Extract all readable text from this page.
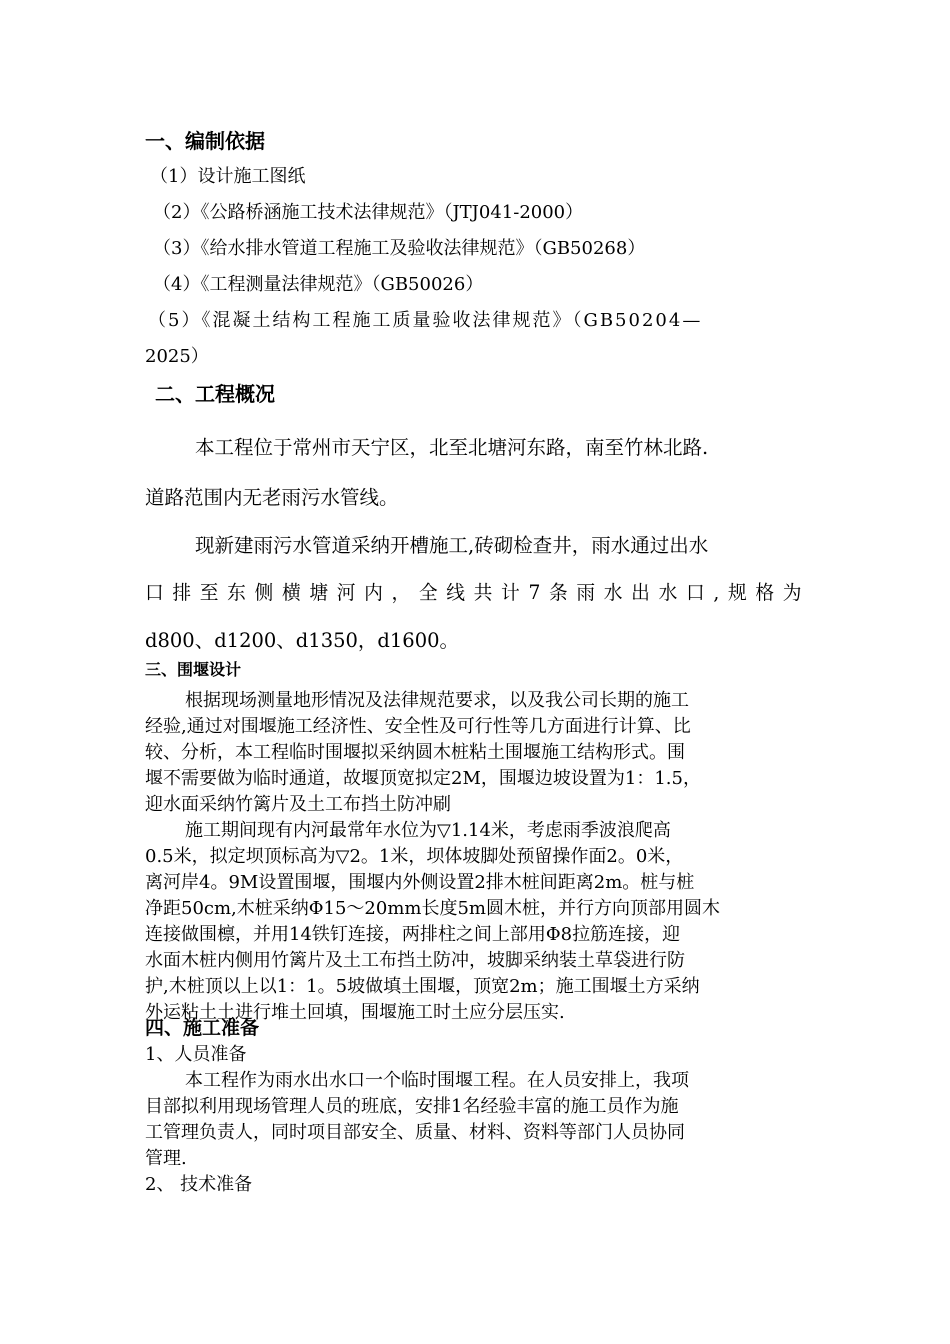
一、编制依据
（1）设计施工图纸
（2）《公路桥涵施工技术法律规范》（JTJ041-2000）
（3）《给水排水管道工程施工及验收法律规范》（GB50268）
（4）《工程测量法律规范》（GB50026）
（5）《混凝土结构工程施工质量验收法律规范》（GB50204—
2025）
二、工程概况
本工程位于常州市天宁区，北至北塘河东路，南至竹林北路.
道路范围内无老雨污水管线。
现新建雨污水管道采纳开槽施工,砖砌检查井，雨水通过出水
口排至东侧横塘河内，全线共计7条雨水出水口,规格为
d800、d1200、d1350，d1600。
三、围堰设计
根据现场测量地形情况及法律规范要求，以及我公司长期的施工
经验,通过对围堰施工经济性、安全性及可行性等几方面进行计算、比
较、分析，本工程临时围堰拟采纳圆木桩粘土围堰施工结构形式。围
堰不需要做为临时通道，故堰顶宽拟定2M，围堰边坡设置为1：1.5，
迎水面采纳竹篱片及土工布挡土防冲刷
施工期间现有内河最常年水位为▽1.14米，考虑雨季波浪爬高
0.5米，拟定坝顶标高为▽2。1米，坝体坡脚处预留操作面2。0米，
离河岸4。9M设置围堰，围堰内外侧设置2排木桩间距离2m。桩与桩
净距50cm,木桩采纳Φ15～20mm长度5m圆木桩，并行方向顶部用圆木
连接做围檩，并用14铁钉连接，两排柱之间上部用Φ8拉筋连接，迎
水面木桩内侧用竹篱片及土工布挡土防冲，坡脚采纳装土草袋进行防
护,木桩顶以上以1：1。5坡做填土围堰，顶宽2m；施工围堰土方采纳
外运粘土土进行堆土回填，围堰施工时土应分层压实.
四、施工准备
1、人员准备
本工程作为雨水出水口一个临时围堰工程。在人员安排上，我项
目部拟利用现场管理人员的班底，安排1名经验丰富的施工员作为施
工管理负责人，同时项目部安全、质量、材料、资料等部门人员协同
管理.
2、 技术准备
